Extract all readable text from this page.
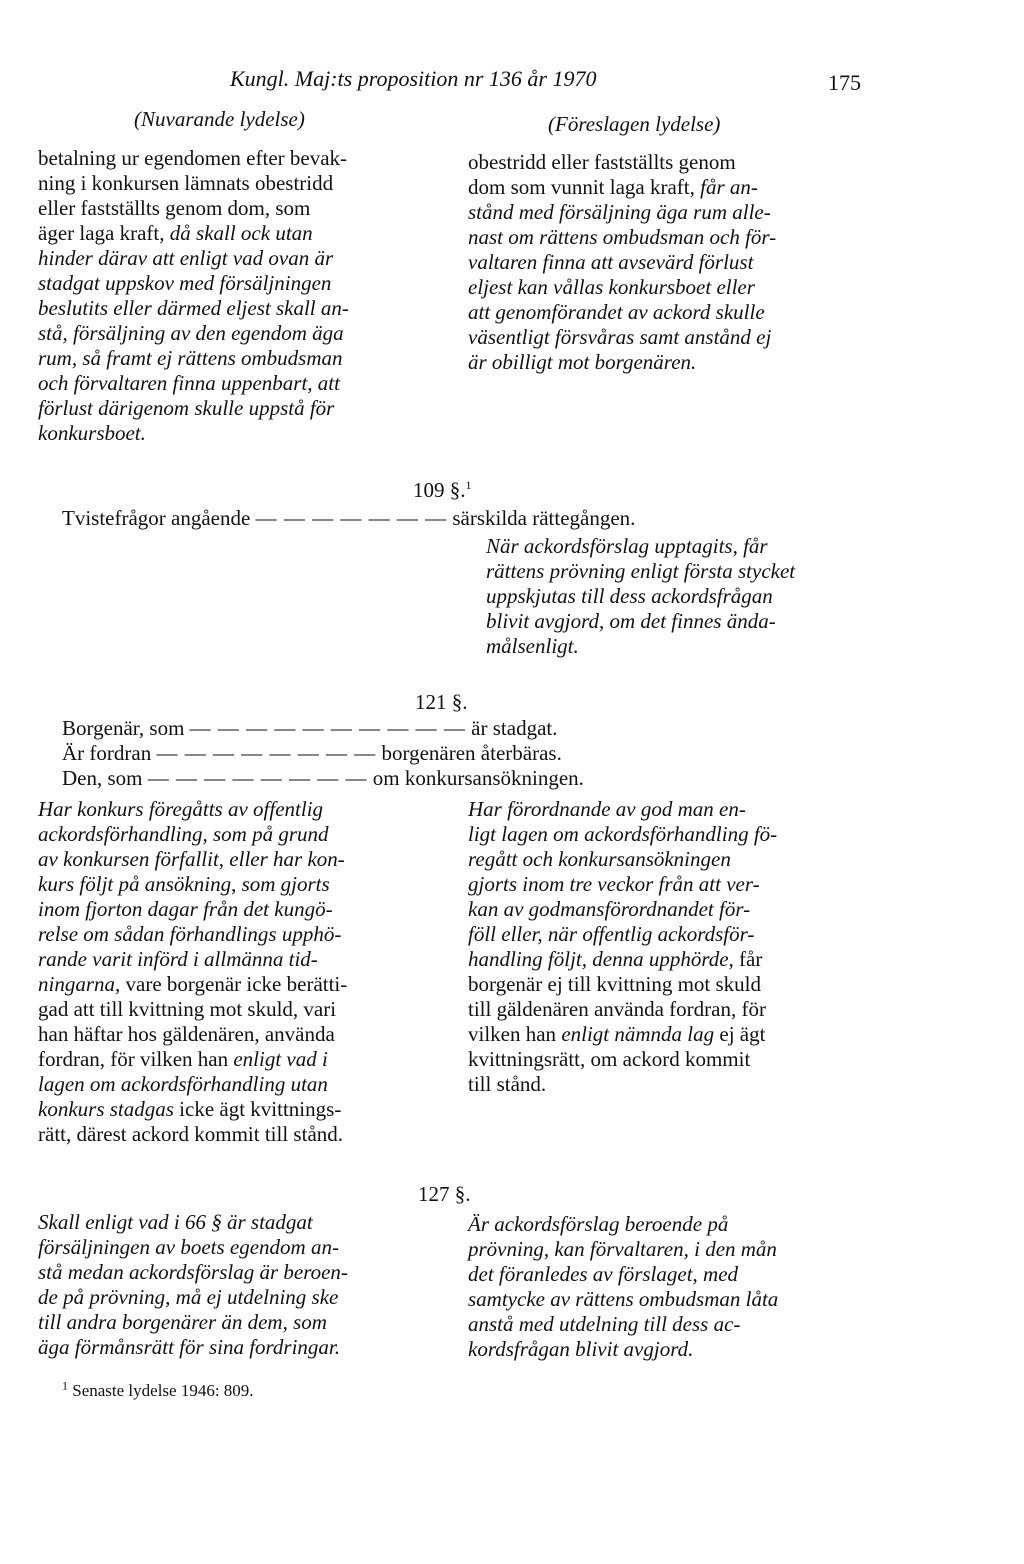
Kungl. Maj:ts proposition nr 136 år 1970	175
(Nuvarande lydelse)	(Föreslagen lydelse)
betalning ur egendomen efter bevak-
ning i konkursen lämnats obestridd
eller fastställts genom dom, som
äger laga kraft, då skall ock utan
hinder därav att enligt vad ovan är
stadgat uppskov med försäljningen
beslutits eller därmed eljest skall an-
stå, försäljning av den egendom äga
rum, så framt ej rättens ombudsman
och förvaltaren finna uppenbart, att
förlust därigenom skulle uppstå för
konkursboet.
obestridd eller fastställts genom
dom som vunnit laga kraft, får an-
stånd med försäljning äga rum alle-
nast om rättens ombudsman och för-
valtaren finna att avsevärd förlust
eljest kan vållas konkursboet eller
att genomförandet av ackord skulle
väsentligt försvåras samt anstånd ej
är obilligt mot borgenären.
109 §.$^1$
Tvistefrågor angående — — — — — — — särskilda rättegången.
När ackordsförslag upptagits, får
rättens prövning enligt första stycket
uppskjutas till dess ackordsfrågan
blivit avgjord, om det finnes ända-
målsenligt.
121 §.
Borgenär, som — — — — — — — — — — är stadgat.
Är fordran — — — — — — — — borgenären återbäras.
Den, som — — — — — — — — om konkursansökningen.
Har konkurs föregåtts av offentlig
ackordsförhandling, som på grund
av konkursen förfallit, eller har kon-
kurs följt på ansökning, som gjorts
inom fjorton dagar från det kungö-
relse om sådan förhandlings upphö-
rande varit införd i allmänna tid-
ningarna, vare borgenär icke berätti-
gad att till kvittning mot skuld, vari
han häftar hos gäldenären, använda
fordran, för vilken han enligt vad i
lagen om ackordsförhandling utan
konkurs stadgas icke ägt kvittnings-
rätt, därest ackord kommit till stånd.
Har förordnande av god man en-
ligt lagen om ackordsförhandling fö-
regått och konkursansökningen
gjorts inom tre veckor från att ver-
kan av godmansförordnandet för-
föll eller, när offentlig ackordsför-
handling följt, denna upphörde, får
borgenär ej till kvittning mot skuld
till gäldenären använda fordran, för
vilken han enligt nämnda lag ej ägt
kvittningsrätt, om ackord kommit
till stånd.
127 §.
Skall enligt vad i 66 § är stadgat
försäljningen av boets egendom an-
stå medan ackordsförslag är beroen-
de på prövning, må ej utdelning ske
till andra borgenärer än dem, som
äga förmånsrätt för sina fordringar.
Är ackordsförslag beroende på
prövning, kan förvaltaren, i den mån
det föranledes av förslaget, med
samtycke av rättens ombudsman låta
anstå med utdelning till dess ac-
kordsfrågan blivit avgjord.
$^1$ Senaste lydelse 1946: 809.
